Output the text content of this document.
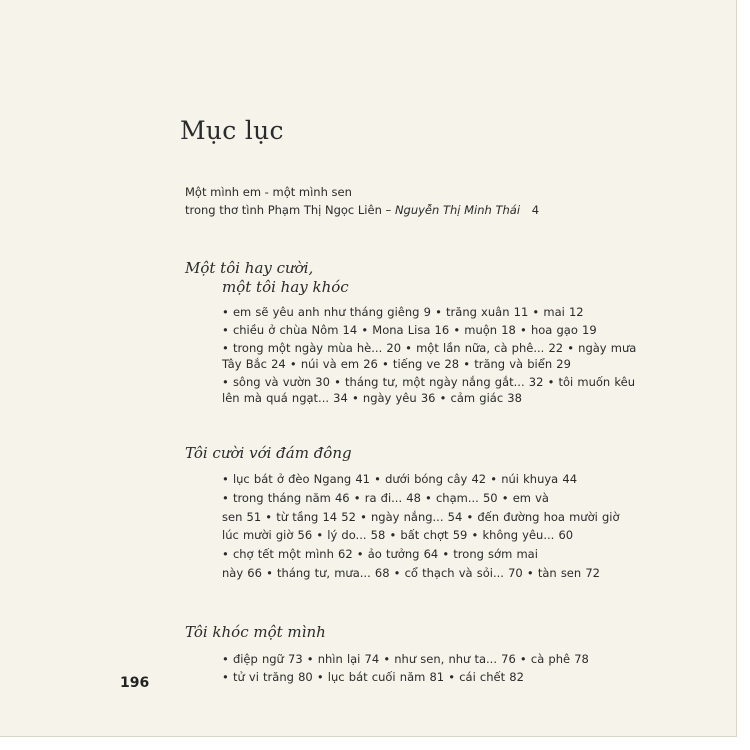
Mục lục
Một mình em - một mình sen
trong thơ tình Phạm Thị Ngọc Liên – Nguyễn Thị Minh Thái 4
Một tôi hay cười,
một tôi hay khóc
• em sẽ yêu anh như tháng giêng 9 • trăng xuân 11 • mai 12
• chiều ở chùa Nôm 14 • Mona Lisa 16 • muộn 18 • hoa gạo 19
• trong một ngày mùa hè... 20 • một lần nữa, cà phê... 22 • ngày mưa
Tây Bắc 24 • núi và em 26 • tiếng ve 28 • trăng và biển 29
• sông và vườn 30 • tháng tư, một ngày nắng gắt... 32 • tôi muốn kêu
lên mà quá ngạt... 34 • ngày yêu 36 • cảm giác 38
Tôi cười với đám đông
• lục bát ở đèo Ngang 41 • dưới bóng cây 42 • núi khuya 44
• trong tháng năm 46 • ra đi... 48 • chạm... 50 • em và
sen 51 • từ tầng 14 52 • ngày nắng... 54 • đến đường hoa mười giờ
lúc mười giờ 56 • lý do... 58 • bất chợt 59 • không yêu... 60
• chợ tết một mình 62 • ảo tưởng 64 • trong sớm mai
này 66 • tháng tư, mưa... 68 • cổ thạch và sỏi... 70 • tàn sen 72
Tôi khóc một mình
• điệp ngữ 73 • nhìn lại 74 • như sen, như ta... 76 • cà phê 78
• tử vi trăng 80 • lục bát cuối năm 81 • cái chết 82
196
